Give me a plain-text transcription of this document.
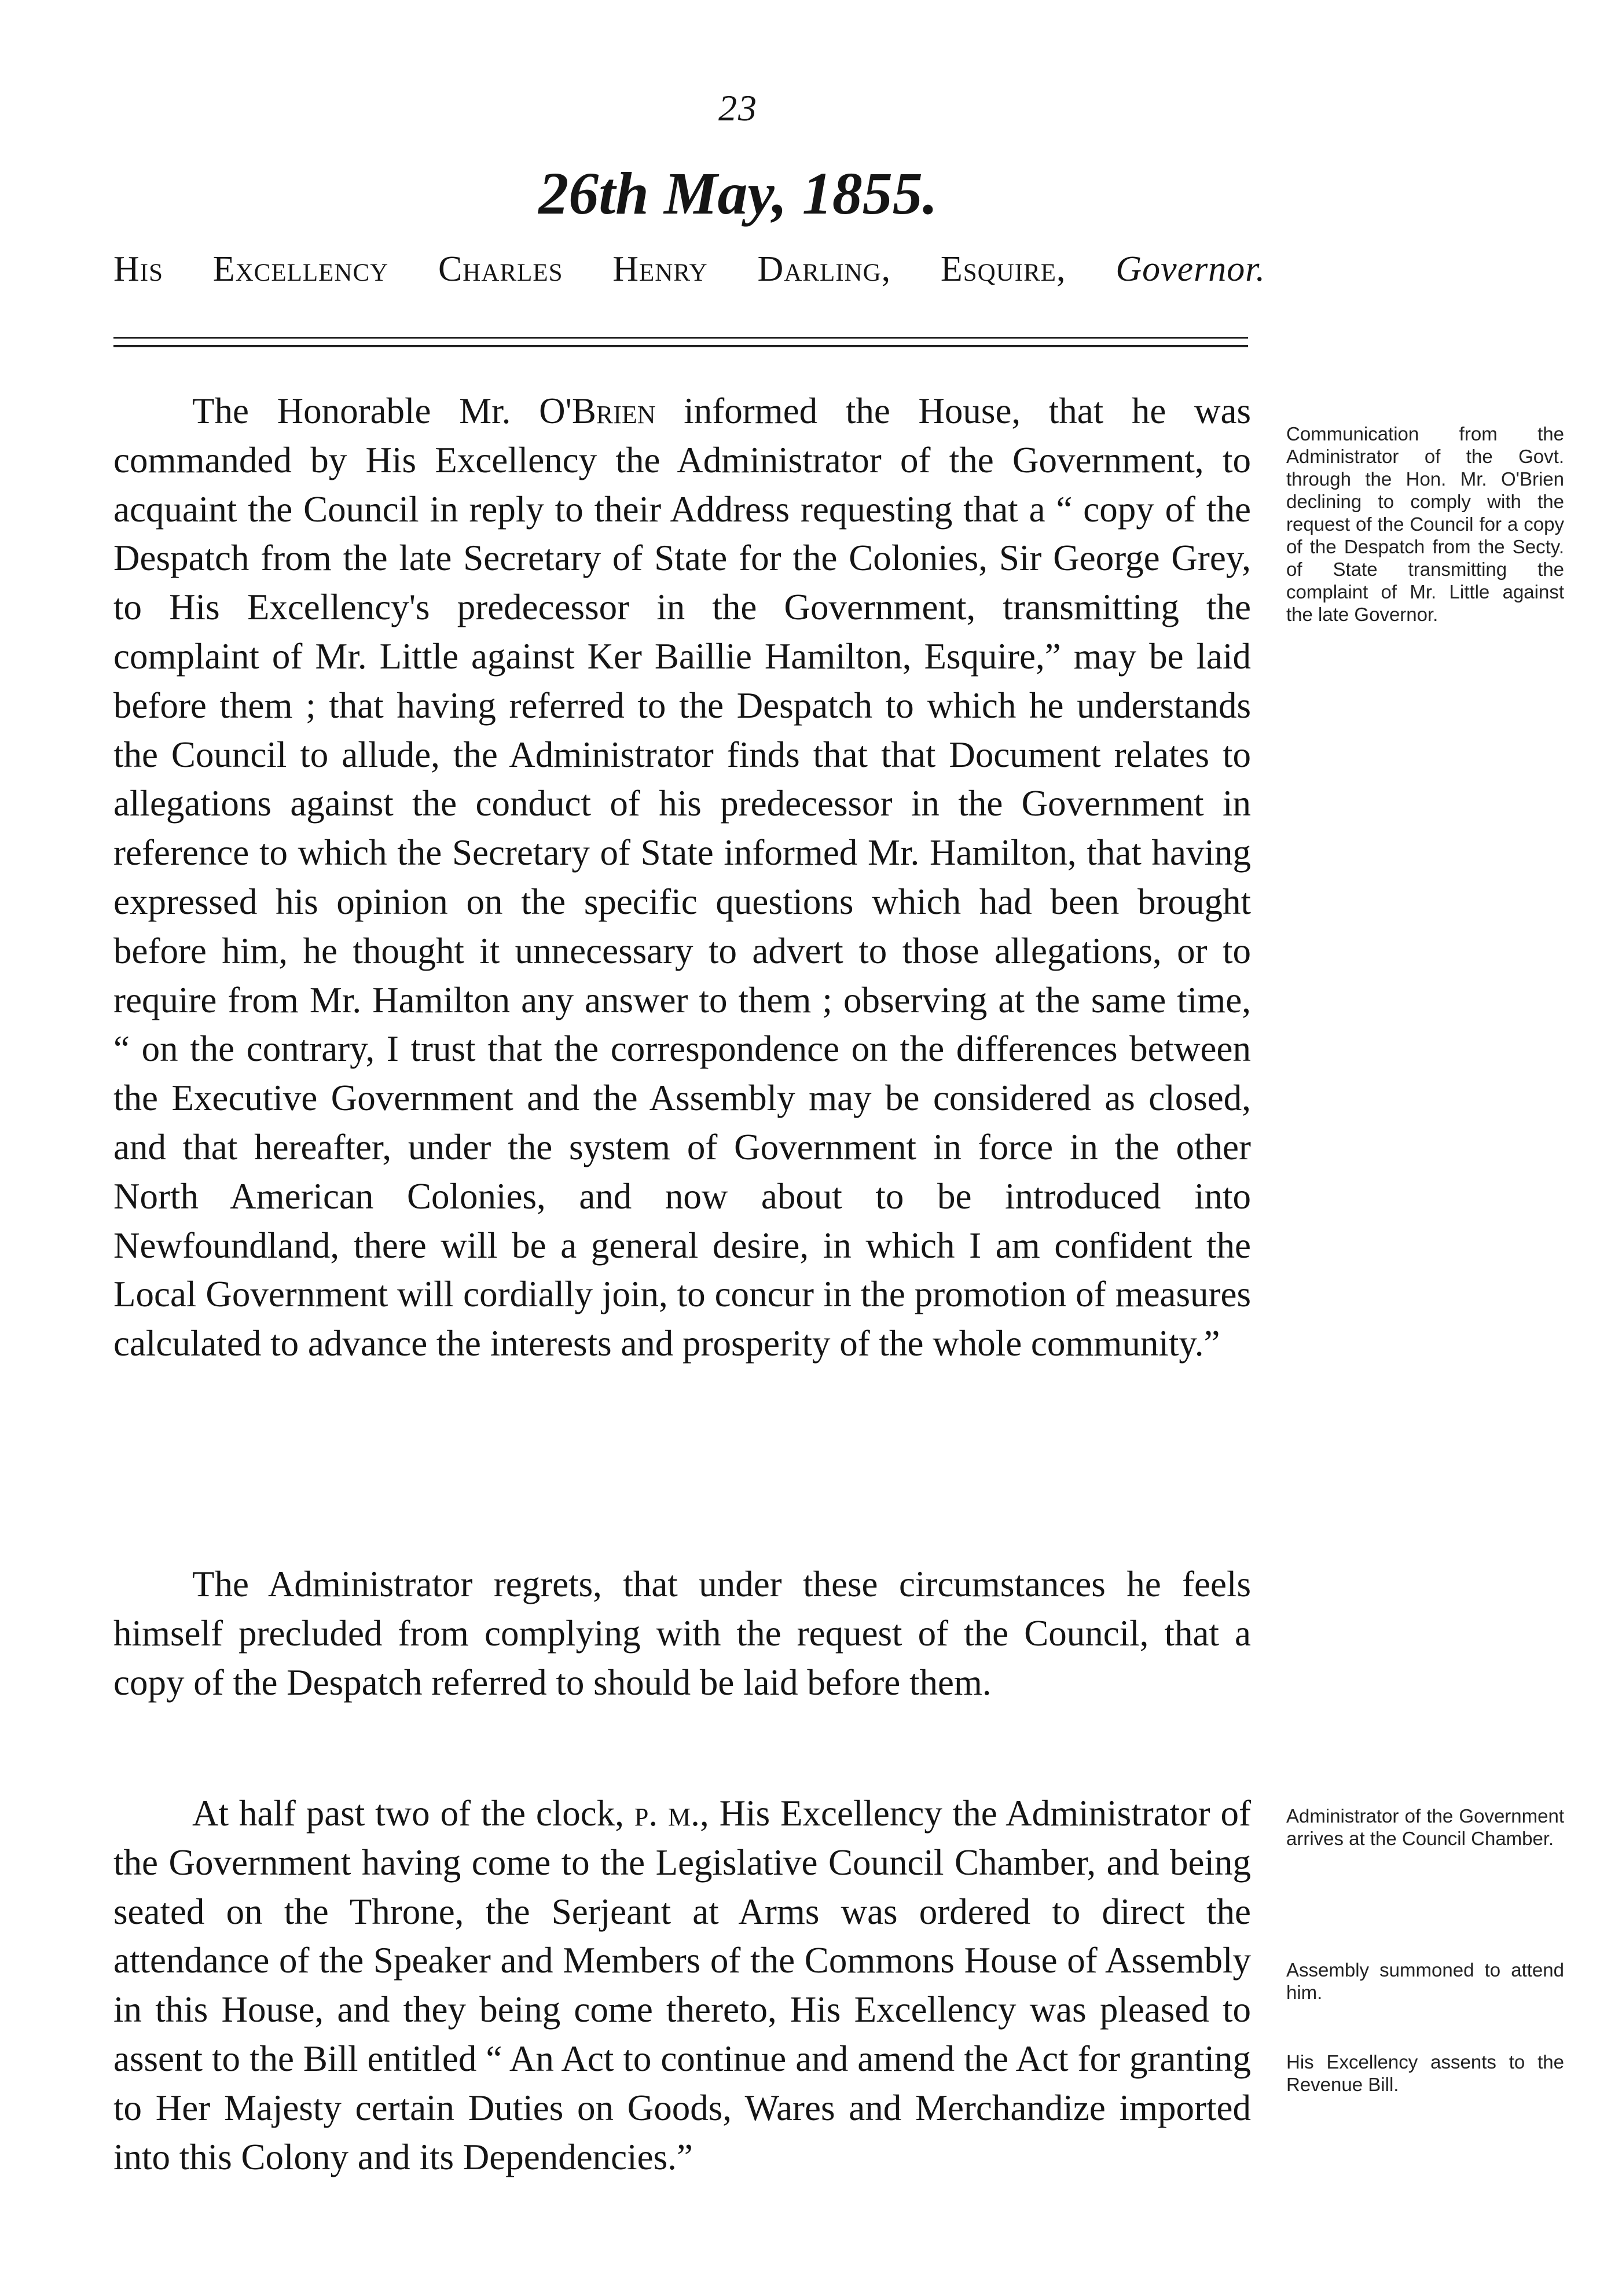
23
26th May, 1855.
His Excellency Charles Henry Darling, Esquire, Governor.

The Honorable Mr. O'Brien informed the House, that he was commanded by His Excellency the Administrator of the Government, to acquaint the Council in reply to their Address requesting that a “ copy of the Despatch from the late Secretary of State for the Colonies, Sir George Grey, to His Excellency's predecessor in the Government, transmitting the complaint of Mr. Little against Ker Baillie Hamilton, Esquire,” may be laid before them ; that having referred to the Despatch to which he understands the Council to allude, the Administrator finds that that Document relates to allegations against the conduct of his predecessor in the Government in reference to which the Secretary of State informed Mr. Hamilton, that having expressed his opinion on the specific questions which had been brought before him, he thought it unnecessary to advert to those allegations, or to require from Mr. Hamilton any answer to them ; observing at the same time, “ on the contrary, I trust that the correspondence on the differences between the Executive Government and the Assembly may be considered as closed, and that hereafter, under the system of Government in force in the other North American Colonies, and now about to be introduced into Newfoundland, there will be a general desire, in which I am confident the Local Government will cordially join, to concur in the promotion of measures calculated to advance the interests and prosperity of the whole community.”

The Administrator regrets, that under these circumstances he feels himself precluded from complying with the request of the Council, that a copy of the Despatch referred to should be laid before them.

At half past two of the clock, p. m., His Excellency the Administrator of the Government having come to the Legislative Council Chamber, and being seated on the Throne, the Serjeant at Arms was ordered to direct the attendance of the Speaker and Members of the Commons House of Assembly in this House, and they being come thereto, His Excellency was pleased to assent to the Bill entitled “ An Act to continue and amend the Act for granting to Her Majesty certain Duties on Goods, Wares and Merchandize imported into this Colony and its Dependencies.”

Communication from the Administrator of the Govt. through the Hon. Mr. O'Brien declining to comply with the request of the Council for a copy of the Despatch from the Secty. of State transmitting the complaint of Mr. Little against the late Governor.
Administrator of the Government arrives at the Council Chamber.
Assembly summoned to attend him.
His Excellency assents to the Revenue Bill.
